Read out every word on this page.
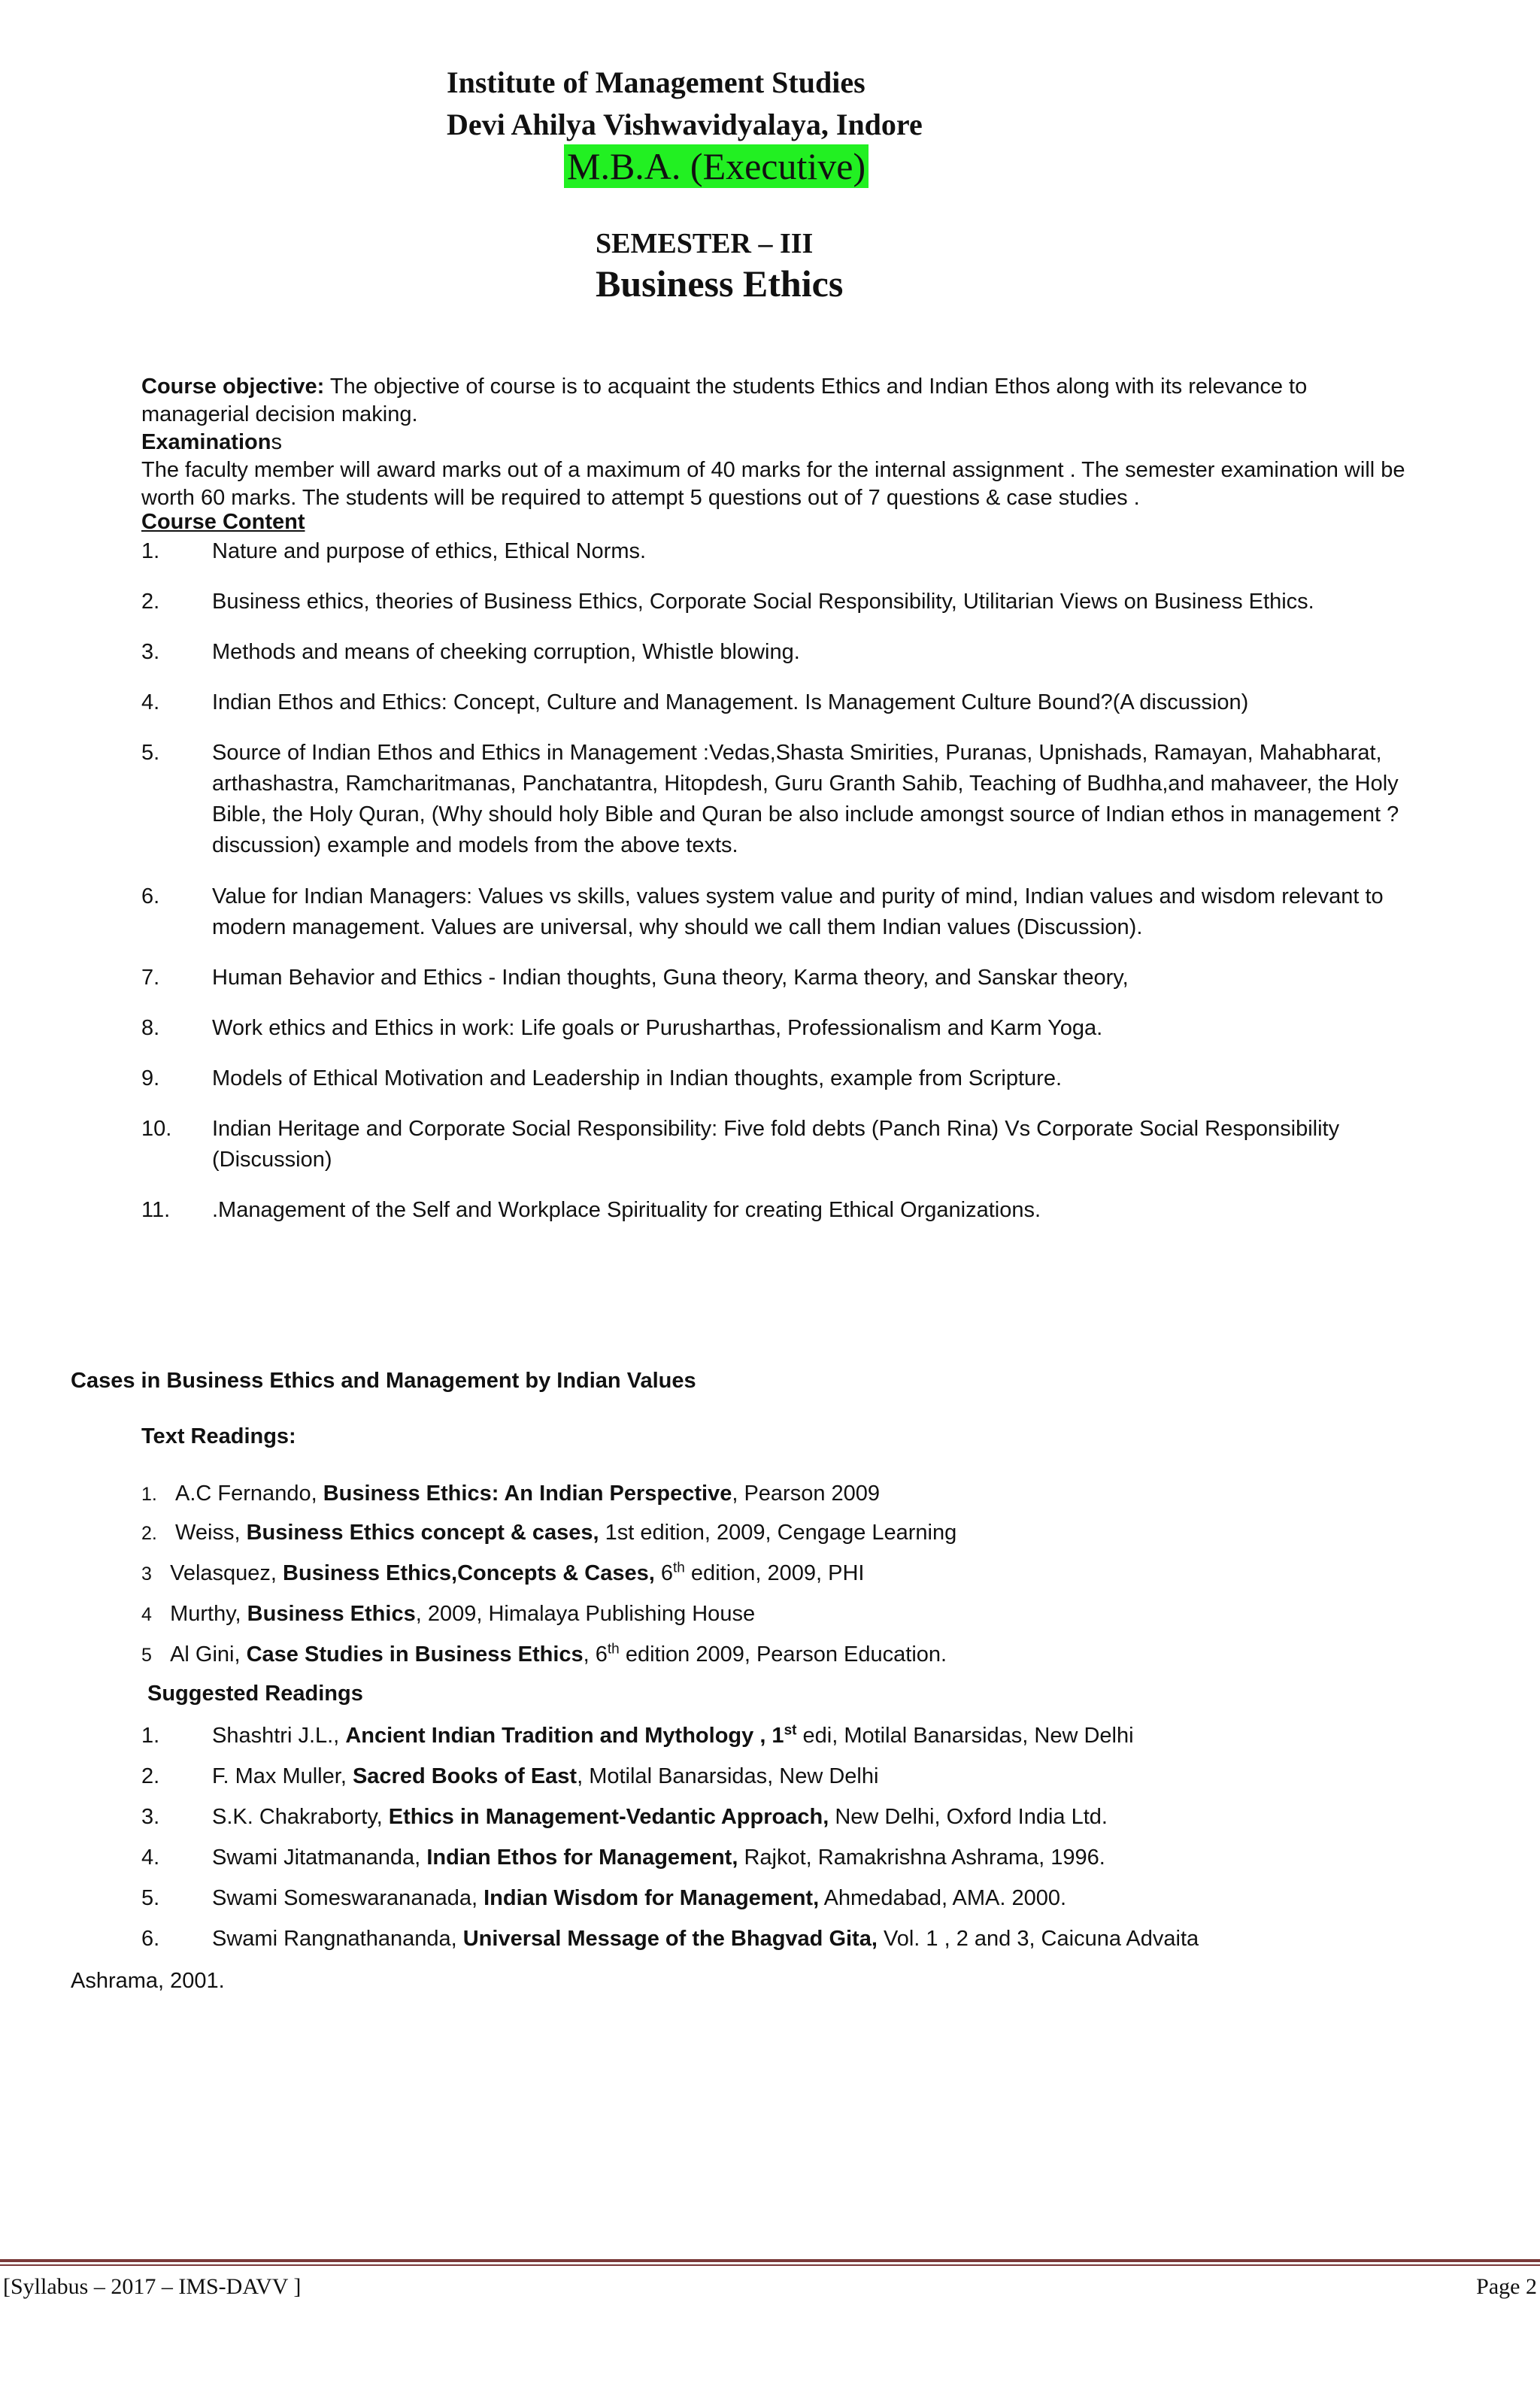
Institute of Management Studies
Devi Ahilya Vishwavidyalaya, Indore
M.B.A. (Executive)
SEMESTER – III
Business Ethics
Course objective: The objective of course is to acquaint the students Ethics and Indian Ethos along with its relevance to managerial decision making.
Examinations
The faculty member will award marks out of a maximum of 40 marks for the internal assignment . The semester examination will be worth 60 marks. The students will be required to attempt 5 questions out of 7 questions & case studies .
Course Content
1. Nature and purpose of ethics, Ethical Norms.
2. Business ethics, theories of Business Ethics, Corporate Social Responsibility, Utilitarian Views on Business Ethics.
3. Methods and means of cheeking corruption, Whistle blowing.
4. Indian Ethos and Ethics: Concept, Culture and Management. Is Management Culture Bound?(A discussion)
5. Source of Indian Ethos and Ethics in Management :Vedas,Shasta Smirities, Puranas, Upnishads, Ramayan, Mahabharat, arthashastra, Ramcharitmanas, Panchatantra, Hitopdesh, Guru Granth Sahib, Teaching of Budhha,and mahaveer, the Holy Bible, the Holy Quran, (Why should holy Bible and Quran be also include amongst source of Indian ethos in management ?discussion) example and models from the above texts.
6. Value for Indian Managers: Values vs skills, values system value and purity of mind, Indian values and wisdom relevant to modern management. Values are universal, why should we call them Indian values (Discussion).
7. Human Behavior and Ethics - Indian thoughts, Guna theory, Karma theory, and Sanskar theory,
8. Work ethics and Ethics in work: Life goals or Purusharthas, Professionalism and Karm Yoga.
9. Models of Ethical Motivation and Leadership in Indian thoughts, example from Scripture.
10. Indian Heritage and Corporate Social Responsibility: Five fold debts (Panch Rina) Vs Corporate Social Responsibility (Discussion)
11. .Management of the Self and Workplace Spirituality for creating Ethical Organizations.
Cases in Business Ethics and Management by Indian Values
Text Readings:
1. A.C Fernando, Business Ethics: An Indian Perspective, Pearson 2009
2. Weiss, Business Ethics concept & cases, 1st edition, 2009, Cengage Learning
3 Velasquez, Business Ethics,Concepts & Cases, 6th edition, 2009, PHI
4 Murthy, Business Ethics, 2009, Himalaya Publishing House
5 Al Gini, Case Studies in Business Ethics, 6th edition 2009, Pearson Education.
Suggested Readings
1. Shashtri J.L., Ancient Indian Tradition and Mythology , 1st edi, Motilal Banarsidas, New Delhi
2. F. Max Muller, Sacred Books of East, Motilal Banarsidas, New Delhi
3. S.K. Chakraborty, Ethics in Management-Vedantic Approach, New Delhi, Oxford India Ltd.
4. Swami Jitatmananda, Indian Ethos for Management, Rajkot, Ramakrishna Ashrama, 1996.
5. Swami Someswarananada, Indian Wisdom for Management, Ahmedabad, AMA. 2000.
6. Swami Rangnathananda, Universal Message of the Bhagvad Gita, Vol. 1 , 2 and 3, Caicuna Advaita
Ashrama, 2001.
[Syllabus – 2017 – IMS-DAVV ]	Page 2
